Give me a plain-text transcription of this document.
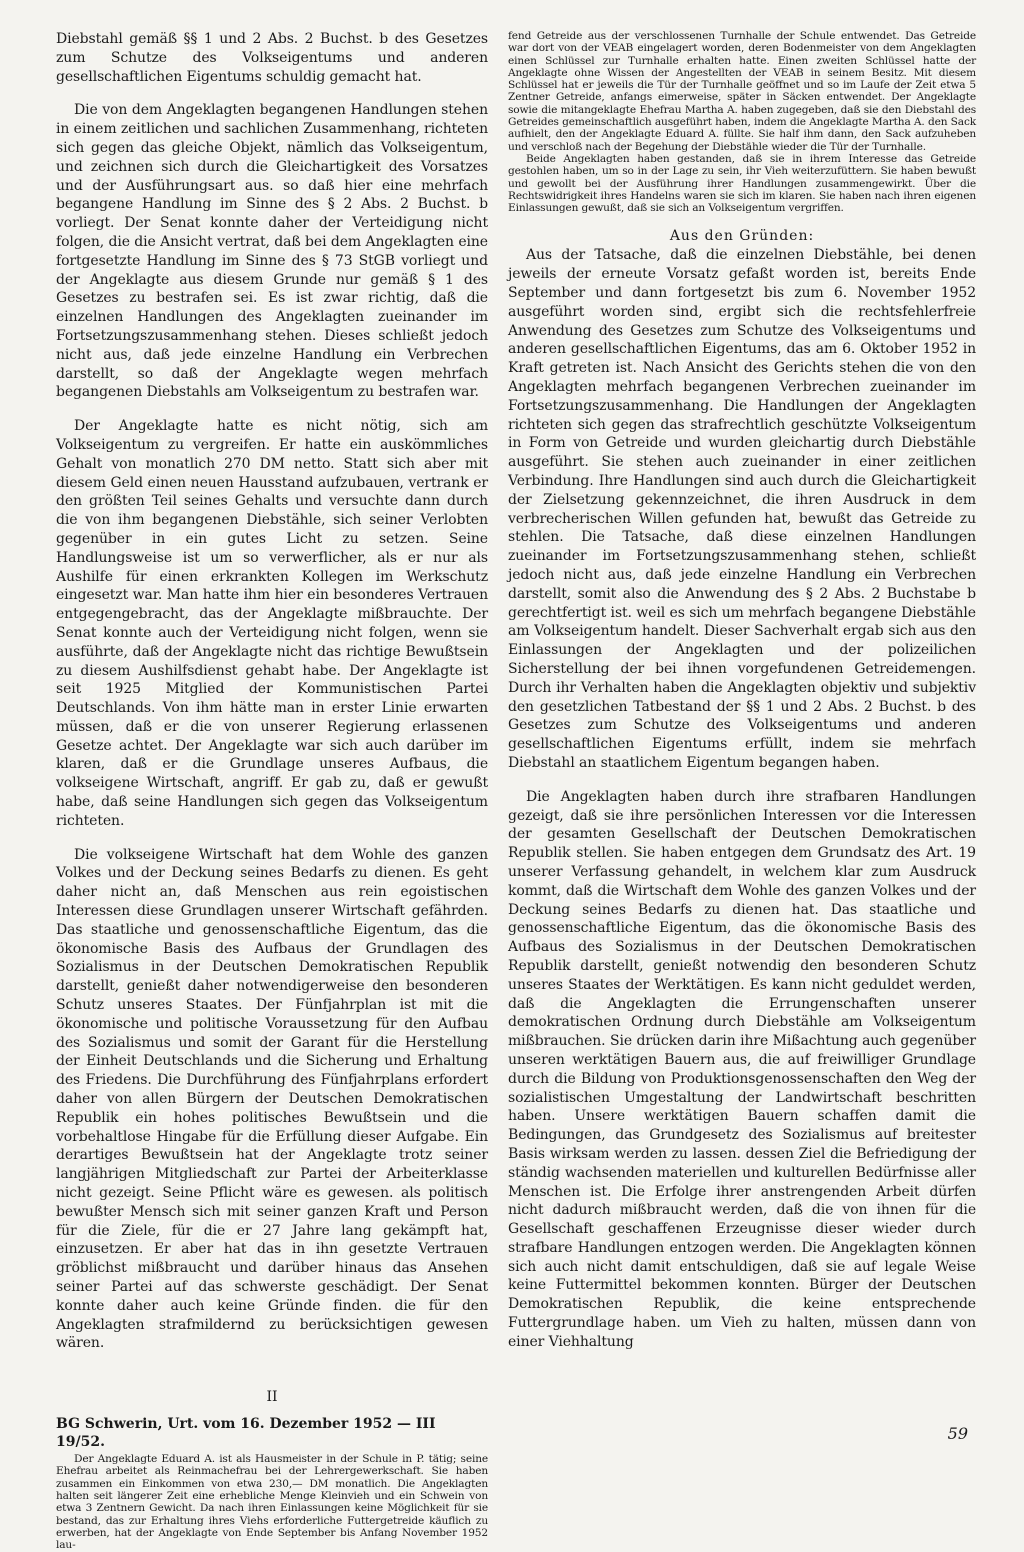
Diebstahl gemäß §§ 1 und 2 Abs. 2 Buchst. b des Gesetzes zum Schutze des Volkseigentums und anderen gesellschaftlichen Eigentums schuldig gemacht hat.

Die von dem Angeklagten begangenen Handlungen stehen in einem zeitlichen und sachlichen Zusammenhang, richteten sich gegen das gleiche Objekt, nämlich das Volkseigentum, und zeichnen sich durch die Gleichartigkeit des Vorsatzes und der Ausführungsart aus. so daß hier eine mehrfach begangene Handlung im Sinne des § 2 Abs. 2 Buchst. b vorliegt. Der Senat konnte daher der Verteidigung nicht folgen, die die Ansicht vertrat, daß bei dem Angeklagten eine fortgesetzte Handlung im Sinne des § 73 StGB vorliegt und der Angeklagte aus diesem Grunde nur gemäß § 1 des Gesetzes zu bestrafen sei. Es ist zwar richtig, daß die einzelnen Handlungen des Angeklagten zueinander im Fortsetzungszusammenhang stehen. Dieses schließt jedoch nicht aus, daß jede einzelne Handlung ein Verbrechen darstellt, so daß der Angeklagte wegen mehrfach begangenen Diebstahls am Volkseigentum zu bestrafen war.

Der Angeklagte hatte es nicht nötig, sich am Volkseigentum zu vergreifen. Er hatte ein auskömmliches Gehalt von monatlich 270 DM netto. Statt sich aber mit diesem Geld einen neuen Hausstand aufzubauen, vertrank er den größten Teil seines Gehalts und versuchte dann durch die von ihm begangenen Diebstähle, sich seiner Verlobten gegenüber in ein gutes Licht zu setzen. Seine Handlungsweise ist um so verwerflicher, als er nur als Aushilfe für einen erkrankten Kollegen im Werkschutz eingesetzt war. Man hatte ihm hier ein besonderes Vertrauen entgegengebracht, das der Angeklagte mißbrauchte. Der Senat konnte auch der Verteidigung nicht folgen, wenn sie ausführte, daß der Angeklagte nicht das richtige Bewußtsein zu diesem Aushilfsdienst gehabt habe. Der Angeklagte ist seit 1925 Mitglied der Kommunistischen Partei Deutschlands. Von ihm hätte man in erster Linie erwarten müssen, daß er die von unserer Regierung erlassenen Gesetze achtet. Der Angeklagte war sich auch darüber im klaren, daß er die Grundlage unseres Aufbaus, die volkseigene Wirtschaft, angriff. Er gab zu, daß er gewußt habe, daß seine Handlungen sich gegen das Volkseigentum richteten.

Die volkseigene Wirtschaft hat dem Wohle des ganzen Volkes und der Deckung seines Bedarfs zu dienen. Es geht daher nicht an, daß Menschen aus rein egoistischen Interessen diese Grundlagen unserer Wirtschaft gefährden. Das staatliche und genossenschaftliche Eigentum, das die ökonomische Basis des Aufbaus der Grundlagen des Sozialismus in der Deutschen Demokratischen Republik darstellt, genießt daher notwendigerweise den besonderen Schutz unseres Staates. Der Fünfjahrplan ist mit die ökonomische und politische Voraussetzung für den Aufbau des Sozialismus und somit der Garant für die Herstellung der Einheit Deutschlands und die Sicherung und Erhaltung des Friedens. Die Durchführung des Fünfjahrplans erfordert daher von allen Bürgern der Deutschen Demokratischen Republik ein hohes politisches Bewußtsein und die vorbehaltlose Hingabe für die Erfüllung dieser Aufgabe. Ein derartiges Bewußtsein hat der Angeklagte trotz seiner langjährigen Mitgliedschaft zur Partei der Arbeiterklasse nicht gezeigt. Seine Pflicht wäre es gewesen. als politisch bewußter Mensch sich mit seiner ganzen Kraft und Person für die Ziele, für die er 27 Jahre lang gekämpft hat, einzusetzen. Er aber hat das in ihn gesetzte Vertrauen gröblichst mißbraucht und darüber hinaus das Ansehen seiner Partei auf das schwerste geschädigt. Der Senat konnte daher auch keine Gründe finden. die für den Angeklagten strafmildernd zu berücksichtigen gewesen wären.

II

BG Schwerin, Urt. vom 16. Dezember 1952 — III 19/52.

Der Angeklagte Eduard A. ist als Hausmeister in der Schule in P. tätig; seine Ehefrau arbeitet als Reinmachefrau bei der Lehrergewerkschaft. Sie haben zusammen ein Einkommen von etwa 230,— DM monatlich. Die Angeklagten halten seit längerer Zeit eine erhebliche Menge Kleinvieh und ein Schwein von etwa 3 Zentnern Gewicht. Da nach ihren Einlassungen keine Möglichkeit für sie bestand, das zur Erhaltung ihres Viehs erforderliche Futtergetreide käuflich zu erwerben, hat der Angeklagte von Ende September bis Anfang November 1952 lau-

fend Getreide aus der verschlossenen Turnhalle der Schule entwendet. Das Getreide war dort von der VEAB eingelagert worden, deren Bodenmeister von dem Angeklagten einen Schlüssel zur Turnhalle erhalten hatte. Einen zweiten Schlüssel hatte der Angeklagte ohne Wissen der Angestellten der VEAB in seinem Besitz. Mit diesem Schlüssel hat er jeweils die Tür der Turnhalle geöffnet und so im Laufe der Zeit etwa 5 Zentner Getreide, anfangs eimerweise, später in Säcken entwendet. Der Angeklagte sowie die mitangeklagte Ehefrau Martha A. haben zugegeben, daß sie den Diebstahl des Getreides gemeinschaftlich ausgeführt haben, indem die Angeklagte Martha A. den Sack aufhielt, den der Angeklagte Eduard A. füllte. Sie half ihm dann, den Sack aufzuheben und verschloß nach der Begehung der Diebstähle wieder die Tür der Turnhalle.

Beide Angeklagten haben gestanden, daß sie in ihrem Interesse das Getreide gestohlen haben, um so in der Lage zu sein, ihr Vieh weiterzufüttern. Sie haben bewußt und gewollt bei der Ausführung ihrer Handlungen zusammengewirkt. Über die Rechtswidrigkeit ihres Handelns waren sie sich im klaren. Sie haben nach ihren eigenen Einlassungen gewußt, daß sie sich an Volkseigentum vergriffen.

Aus den Gründen:

Aus der Tatsache, daß die einzelnen Diebstähle, bei denen jeweils der erneute Vorsatz gefaßt worden ist, bereits Ende September und dann fortgesetzt bis zum 6. November 1952 ausgeführt worden sind, ergibt sich die rechtsfehlerfreie Anwendung des Gesetzes zum Schutze des Volkseigentums und anderen gesellschaftlichen Eigentums, das am 6. Oktober 1952 in Kraft getreten ist. Nach Ansicht des Gerichts stehen die von den Angeklagten mehrfach begangenen Verbrechen zueinander im Fortsetzungszusammenhang. Die Handlungen der Angeklagten richteten sich gegen das strafrechtlich geschützte Volkseigentum in Form von Getreide und wurden gleichartig durch Diebstähle ausgeführt. Sie stehen auch zueinander in einer zeitlichen Verbindung. Ihre Handlungen sind auch durch die Gleichartigkeit der Zielsetzung gekennzeichnet, die ihren Ausdruck in dem verbrecherischen Willen gefunden hat, bewußt das Getreide zu stehlen. Die Tatsache, daß diese einzelnen Handlungen zueinander im Fortsetzungszusammenhang stehen, schließt jedoch nicht aus, daß jede einzelne Handlung ein Verbrechen darstellt, somit also die Anwendung des § 2 Abs. 2 Buchstabe b gerechtfertigt ist. weil es sich um mehrfach begangene Diebstähle am Volkseigentum handelt. Dieser Sachverhalt ergab sich aus den Einlassungen der Angeklagten und der polizeilichen Sicherstellung der bei ihnen vorgefundenen Getreidemengen. Durch ihr Verhalten haben die Angeklagten objektiv und subjektiv den gesetzlichen Tatbestand der §§ 1 und 2 Abs. 2 Buchst. b des Gesetzes zum Schutze des Volkseigentums und anderen gesellschaftlichen Eigentums erfüllt, indem sie mehrfach Diebstahl an staatlichem Eigentum begangen haben.

Die Angeklagten haben durch ihre strafbaren Handlungen gezeigt, daß sie ihre persönlichen Interessen vor die Interessen der gesamten Gesellschaft der Deutschen Demokratischen Republik stellen. Sie haben entgegen dem Grundsatz des Art. 19 unserer Verfassung gehandelt, in welchem klar zum Ausdruck kommt, daß die Wirtschaft dem Wohle des ganzen Volkes und der Deckung seines Bedarfs zu dienen hat. Das staatliche und genossenschaftliche Eigentum, das die ökonomische Basis des Aufbaus des Sozialismus in der Deutschen Demokratischen Republik darstellt, genießt notwendig den besonderen Schutz unseres Staates der Werktätigen. Es kann nicht geduldet werden, daß die Angeklagten die Errungenschaften unserer demokratischen Ordnung durch Diebstähle am Volkseigentum mißbrauchen. Sie drücken darin ihre Mißachtung auch gegenüber unseren werktätigen Bauern aus, die auf freiwilliger Grundlage durch die Bildung von Produktionsgenossenschaften den Weg der sozialistischen Umgestaltung der Landwirtschaft beschritten haben. Unsere werktätigen Bauern schaffen damit die Bedingungen, das Grundgesetz des Sozialismus auf breitester Basis wirksam werden zu lassen. dessen Ziel die Befriedigung der ständig wachsenden materiellen und kulturellen Bedürfnisse aller Menschen ist. Die Erfolge ihrer anstrengenden Arbeit dürfen nicht dadurch mißbraucht werden, daß die von ihnen für die Gesellschaft geschaffenen Erzeugnisse dieser wieder durch strafbare Handlungen entzogen werden. Die Angeklagten können sich auch nicht damit entschuldigen, daß sie auf legale Weise keine Futtermittel bekommen konnten. Bürger der Deutschen Demokratischen Republik, die keine entsprechende Futtergrundlage haben. um Vieh zu halten, müssen dann von einer Viehhaltung

59
